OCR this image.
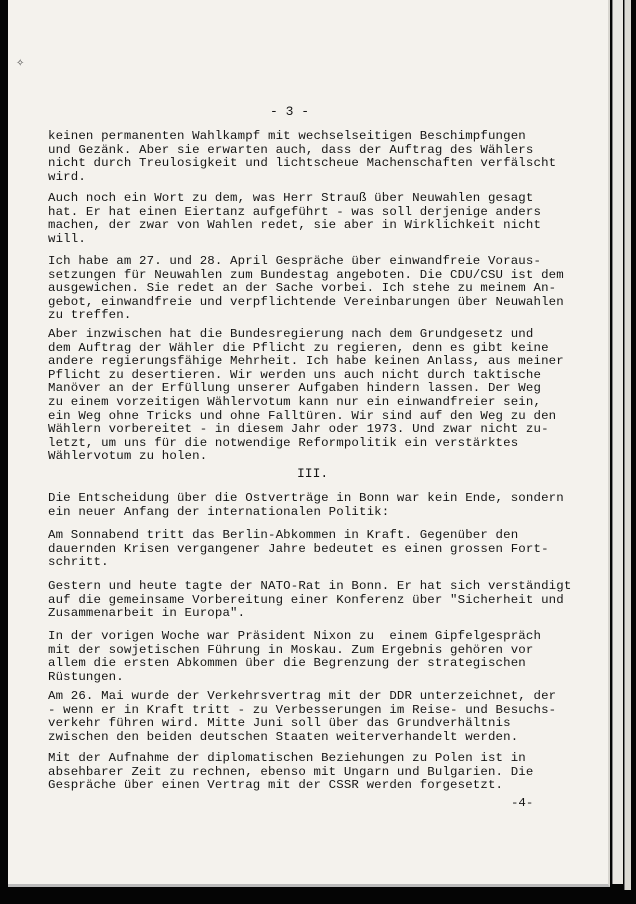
✧
- 3 -
keinen permanenten Wahlkampf mit wechselseitigen Beschimpfungen
und Gezänk. Aber sie erwarten auch, dass der Auftrag des Wählers
nicht durch Treulosigkeit und lichtscheue Machenschaften verfälscht
wird.
Auch noch ein Wort zu dem, was Herr Strauß über Neuwahlen gesagt
hat. Er hat einen Eiertanz aufgeführt - was soll derjenige anders
machen, der zwar von Wahlen redet, sie aber in Wirklichkeit nicht
will.
Ich habe am 27. und 28. April Gespräche über einwandfreie Voraus-
setzungen für Neuwahlen zum Bundestag angeboten. Die CDU/CSU ist dem
ausgewichen. Sie redet an der Sache vorbei. Ich stehe zu meinem An-
gebot, einwandfreie und verpflichtende Vereinbarungen über Neuwahlen
zu treffen.
Aber inzwischen hat die Bundesregierung nach dem Grundgesetz und
dem Auftrag der Wähler die Pflicht zu regieren, denn es gibt keine
andere regierungsfähige Mehrheit. Ich habe keinen Anlass, aus meiner
Pflicht zu desertieren. Wir werden uns auch nicht durch taktische
Manöver an der Erfüllung unserer Aufgaben hindern lassen. Der Weg
zu einem vorzeitigen Wählervotum kann nur ein einwandfreier sein,
ein Weg ohne Tricks und ohne Falltüren. Wir sind auf den Weg zu den
Wählern vorbereitet - in diesem Jahr oder 1973. Und zwar nicht zu-
letzt, um uns für die notwendige Reformpolitik ein verstärktes
Wählervotum zu holen.
III.
Die Entscheidung über die Ostverträge in Bonn war kein Ende, sondern
ein neuer Anfang der internationalen Politik:
Am Sonnabend tritt das Berlin-Abkommen in Kraft. Gegenüber den
dauernden Krisen vergangener Jahre bedeutet es einen grossen Fort-
schritt.
Gestern und heute tagte der NATO-Rat in Bonn. Er hat sich verständigt
auf die gemeinsame Vorbereitung einer Konferenz über "Sicherheit und
Zusammenarbeit in Europa".
In der vorigen Woche war Präsident Nixon zu  einem Gipfelgespräch
mit der sowjetischen Führung in Moskau. Zum Ergebnis gehören vor
allem die ersten Abkommen über die Begrenzung der strategischen
Rüstungen.
Am 26. Mai wurde der Verkehrsvertrag mit der DDR unterzeichnet, der
- wenn er in Kraft tritt - zu Verbesserungen im Reise- und Besuchs-
verkehr führen wird. Mitte Juni soll über das Grundverhältnis
zwischen den beiden deutschen Staaten weiterverhandelt werden.
Mit der Aufnahme der diplomatischen Beziehungen zu Polen ist in
absehbarer Zeit zu rechnen, ebenso mit Ungarn und Bulgarien. Die
Gespräche über einen Vertrag mit der CSSR werden forgesetzt.
-4-
